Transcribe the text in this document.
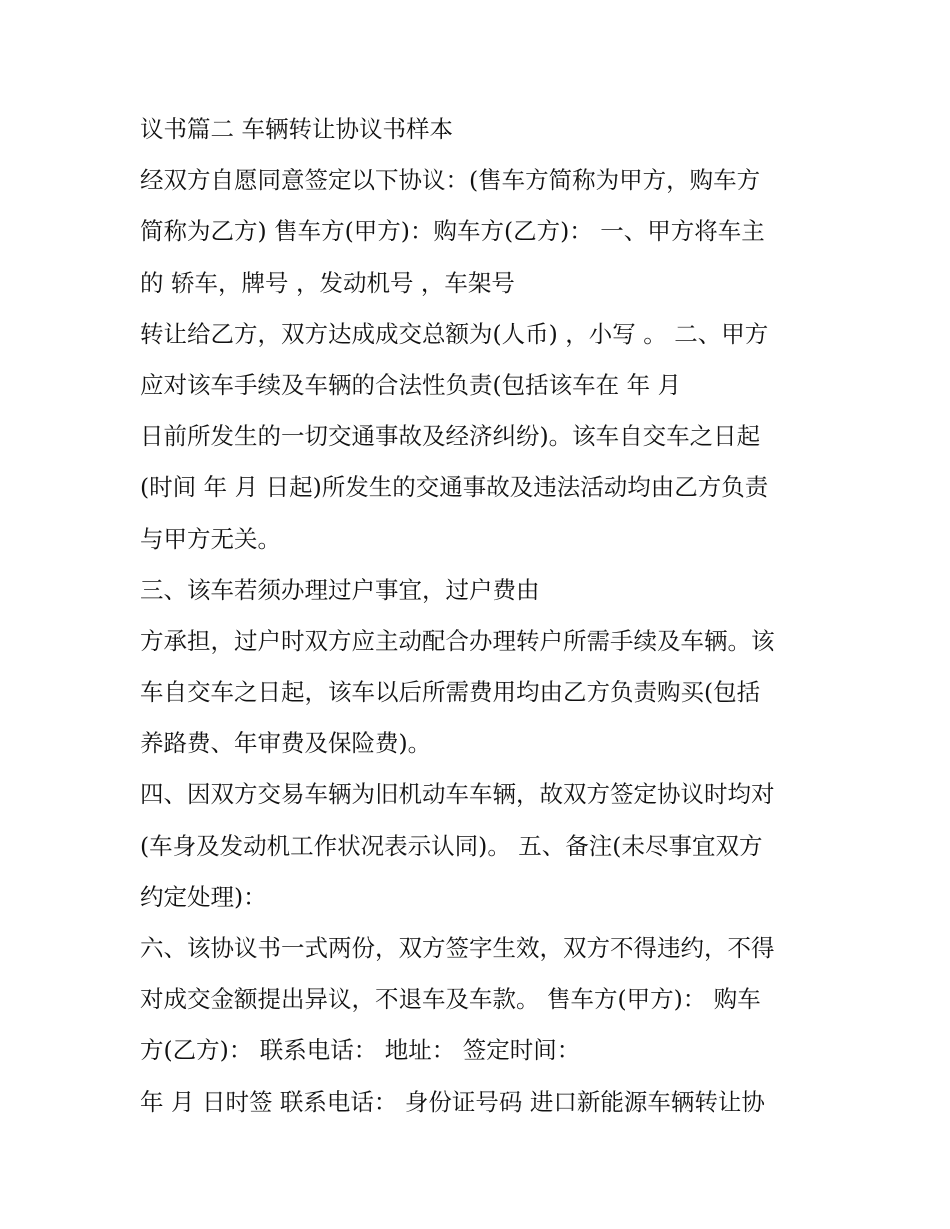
议书篇二 车辆转让协议书样本
经双方自愿同意签定以下协议：(售车方简称为甲方，购车方
简称为乙方) 售车方(甲方)：购车方(乙方)： 一、甲方将车主
的 轿车，牌号 ，发动机号 ，车架号
转让给乙方，双方达成成交总额为(人币) ，小写 。 二、甲方
应对该车手续及车辆的合法性负责(包括该车在 年 月
日前所发生的一切交通事故及经济纠纷)。该车自交车之日起
(时间 年 月 日起)所发生的交通事故及违法活动均由乙方负责
与甲方无关。
三、该车若须办理过户事宜，过户费由
方承担，过户时双方应主动配合办理转户所需手续及车辆。该
车自交车之日起，该车以后所需费用均由乙方负责购买(包括
养路费、年审费及保险费)。
四、因双方交易车辆为旧机动车车辆，故双方签定协议时均对
(车身及发动机工作状况表示认同)。 五、备注(未尽事宜双方
约定处理)：
六、该协议书一式两份，双方签字生效，双方不得违约，不得
对成交金额提出异议，不退车及车款。 售车方(甲方)： 购车
方(乙方)： 联系电话： 地址： 签定时间：
年 月 日时签 联系电话： 身份证号码 进口新能源车辆转让协
